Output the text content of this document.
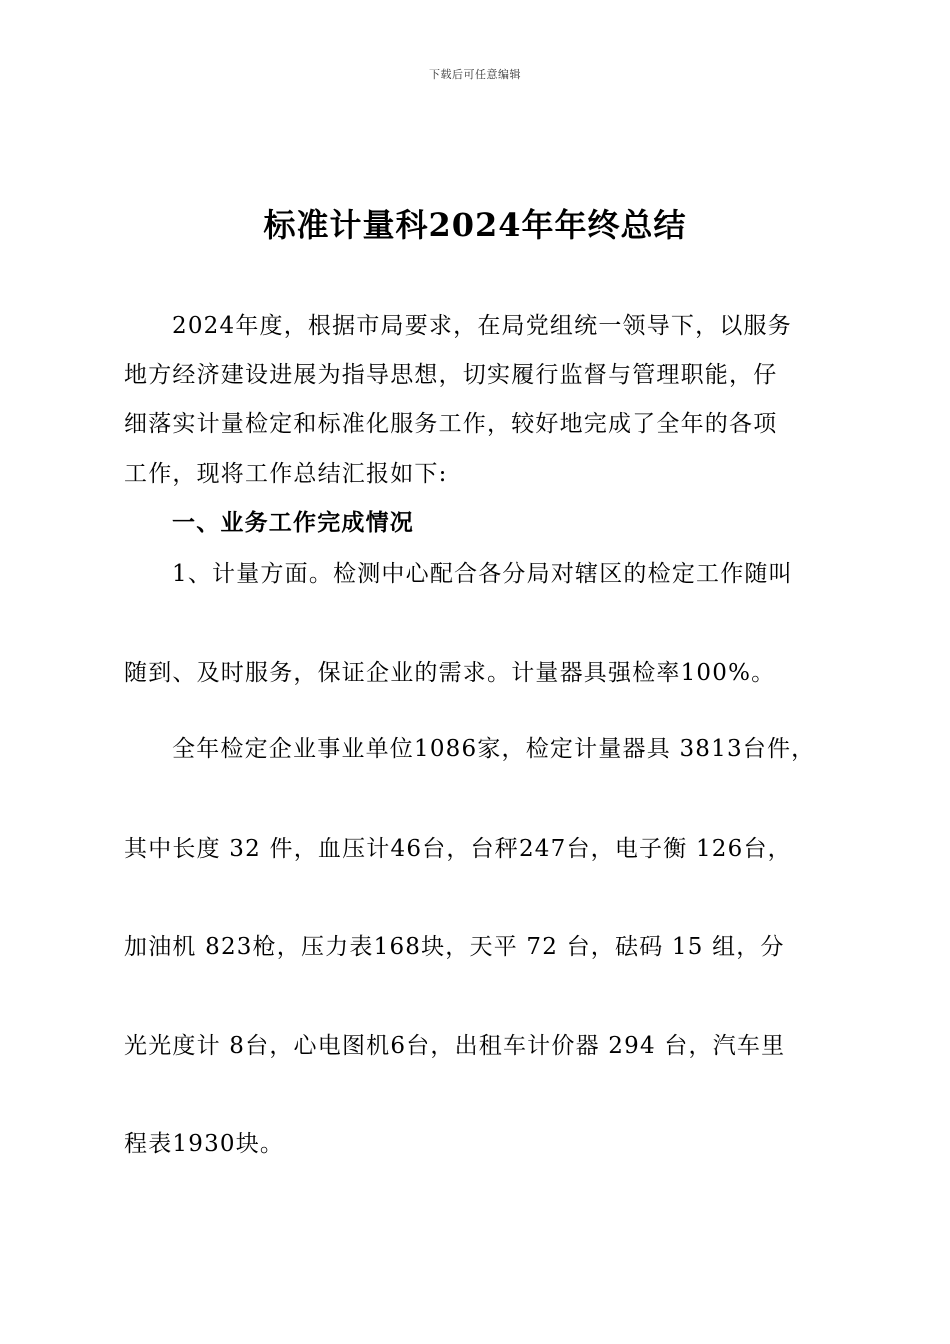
下载后可任意编辑
标准计量科2024年年终总结
2024年度，根据市局要求，在局党组统一领导下，以服务
地方经济建设进展为指导思想，切实履行监督与管理职能，仔
细落实计量检定和标准化服务工作，较好地完成了全年的各项
工作，现将工作总结汇报如下:
一、业务工作完成情况
1、计量方面。检测中心配合各分局对辖区的检定工作随叫
随到、及时服务，保证企业的需求。计量器具强检率100%。
全年检定企业事业单位1086家，检定计量器具 3813台件，
其中长度 32 件，血压计46台，台秤247台，电子衡 126台，
加油机 823枪，压力表168块，天平 72 台，砝码 15 组，分
光光度计 8台，心电图机6台，出租车计价器 294 台，汽车里
程表1930块。
